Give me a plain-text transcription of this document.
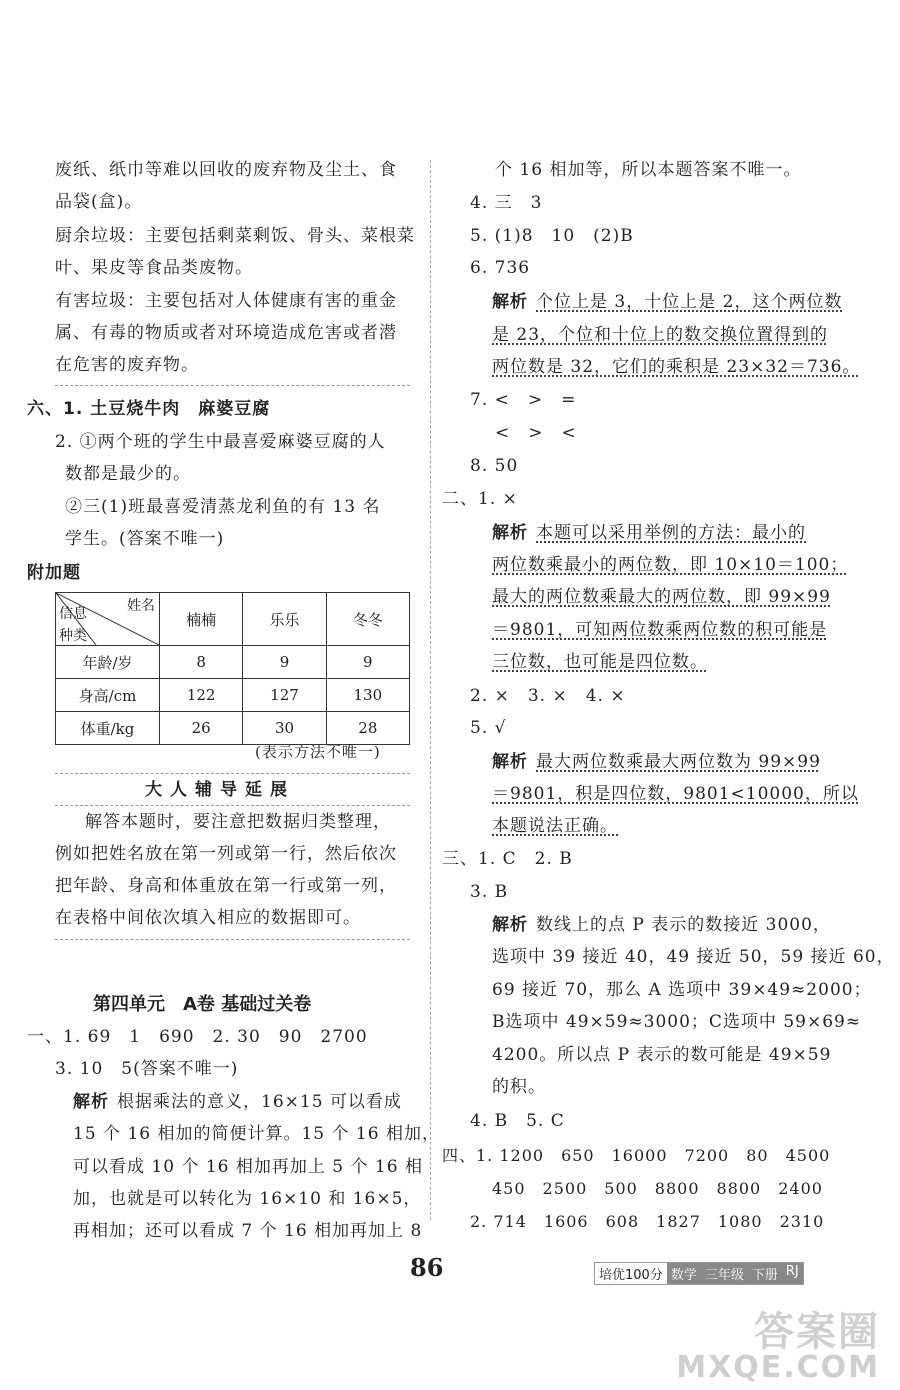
废纸、纸巾等难以回收的废弃物及尘土、食
品袋(盒)。
厨余垃圾：主要包括剩菜剩饭、骨头、菜根菜
叶、果皮等食品类废物。
有害垃圾：主要包括对人体健康有害的重金
属、有毒的物质或者对环境造成危害或者潜
在危害的废弃物。
六、1. 土豆烧牛肉　麻婆豆腐
2. ①两个班的学生中最喜爱麻婆豆腐的人
数都是最少的。
②三(1)班最喜爱清蒸龙利鱼的有 13 名
学生。(答案不唯一)
附加题
姓名
信息
种类	楠楠	乐乐	冬冬
年龄/岁	8	9	9
身高/cm	122	127	130
体重/kg	26	30	28
(表示方法不唯一)
大人辅导延展
解答本题时，要注意把数据归类整理，
例如把姓名放在第一列或第一行，然后依次
把年龄、身高和体重放在第一行或第一列，
在表格中间依次填入相应的数据即可。
第四单元　A卷 基础过关卷
一、1. 69　1　690　2. 30　90　2700
3. 10　5(答案不唯一)
解析 根据乘法的意义，16×15 可以看成
15 个 16 相加的简便计算。15 个 16 相加，
可以看成 10 个 16 相加再加上 5 个 16 相
加，也就是可以转化为 16×10 和 16×5，
再相加；还可以看成 7 个 16 相加再加上 8
个 16 相加等，所以本题答案不唯一。
4. 三　3
5. (1)8　10　(2)B
6. 736
解析 个位上是 3，十位上是 2，这个两位数
是 23，个位和十位上的数交换位置得到的
两位数是 32，它们的乘积是 23×32＝736。
7. <　>　=
<　>　<
8. 50
二、1. ×
解析 本题可以采用举例的方法：最小的
两位数乘最小的两位数，即 10×10＝100；
最大的两位数乘最大的两位数，即 99×99
＝9801，可知两位数乘两位数的积可能是
三位数，也可能是四位数。
2. ×　3. ×　4. ×
5. √
解析 最大两位数乘最大两位数为 99×99
＝9801，积是四位数，9801<10000，所以
本题说法正确。
三、1. C　2. B
3. B
解析 数线上的点 P 表示的数接近 3000，
选项中 39 接近 40，49 接近 50，59 接近 60，
69 接近 70，那么 A 选项中 39×49≈2000；
B选项中 49×59≈3000；C选项中 59×69≈
4200。所以点 P 表示的数可能是 49×59
的积。
4. B　5. C
四、1. 1200　650　16000　7200　80　4500
450　2500　500　8800　8800　2400
2. 714　1606　608　1827　1080　2310
86	培优100分 数学 三年级 下册 RJ
答案圈
MXQE.COM
